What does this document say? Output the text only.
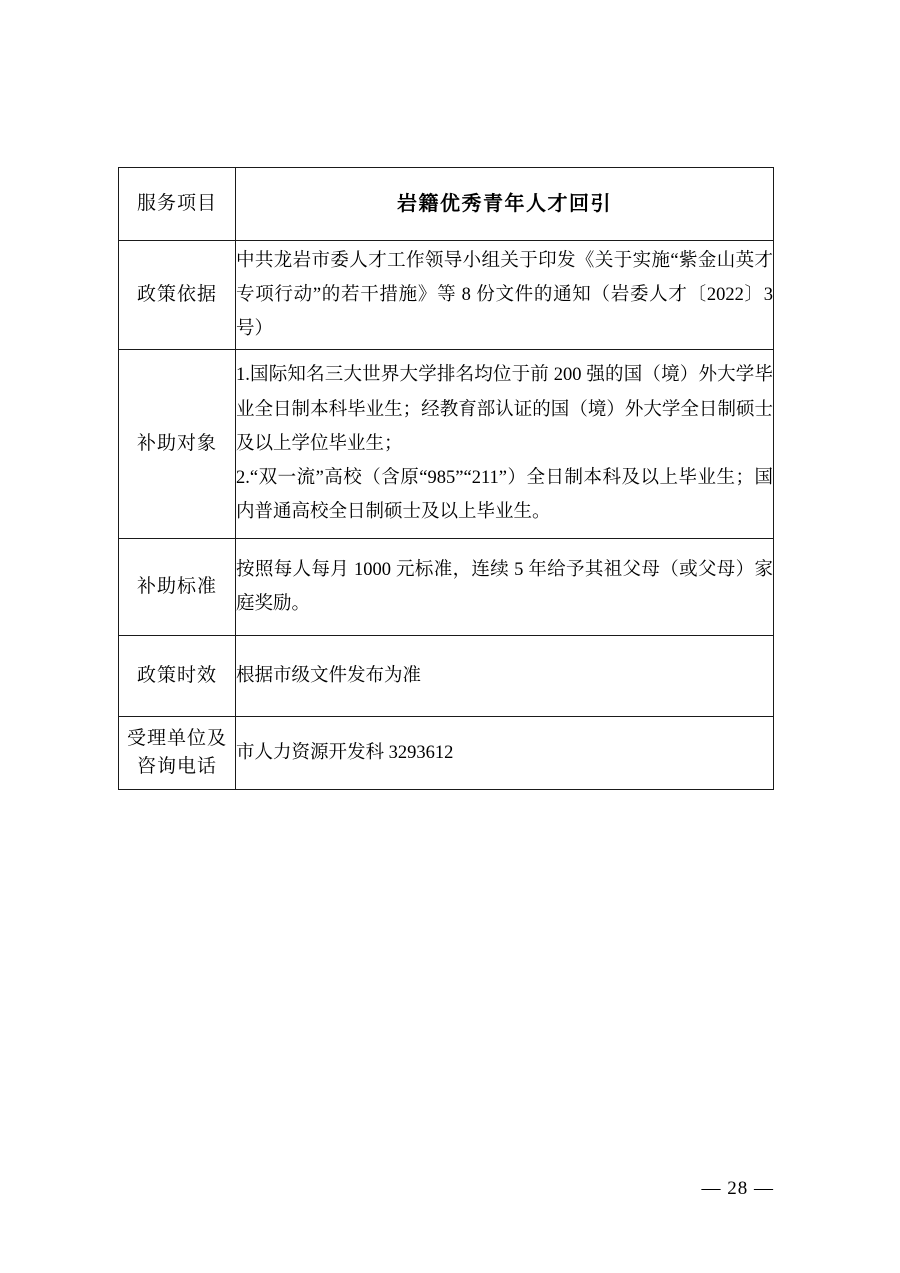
服务项目	岩籍优秀青年人才回引
政策依据	中共龙岩市委人才工作领导小组关于印发《关于实施“紫金山英才专项行动”的若干措施》等 8 份文件的通知（岩委人才〔2022〕3 号）
补助对象	1.国际知名三大世界大学排名均位于前 200 强的国（境）外大学毕业全日制本科毕业生；经教育部认证的国（境）外大学全日制硕士及以上学位毕业生；

2.“双一流”高校（含原“985”“211”）全日制本科及以上毕业生；国内普通高校全日制硕士及以上毕业生。

补助标准	按照每人每月 1000 元标准，连续 5 年给予其祖父母（或父母）家庭奖励。
政策时效	根据市级文件发布为准

受理单位及
咨询电话	市人力资源开发科 3293612
— 28 —
